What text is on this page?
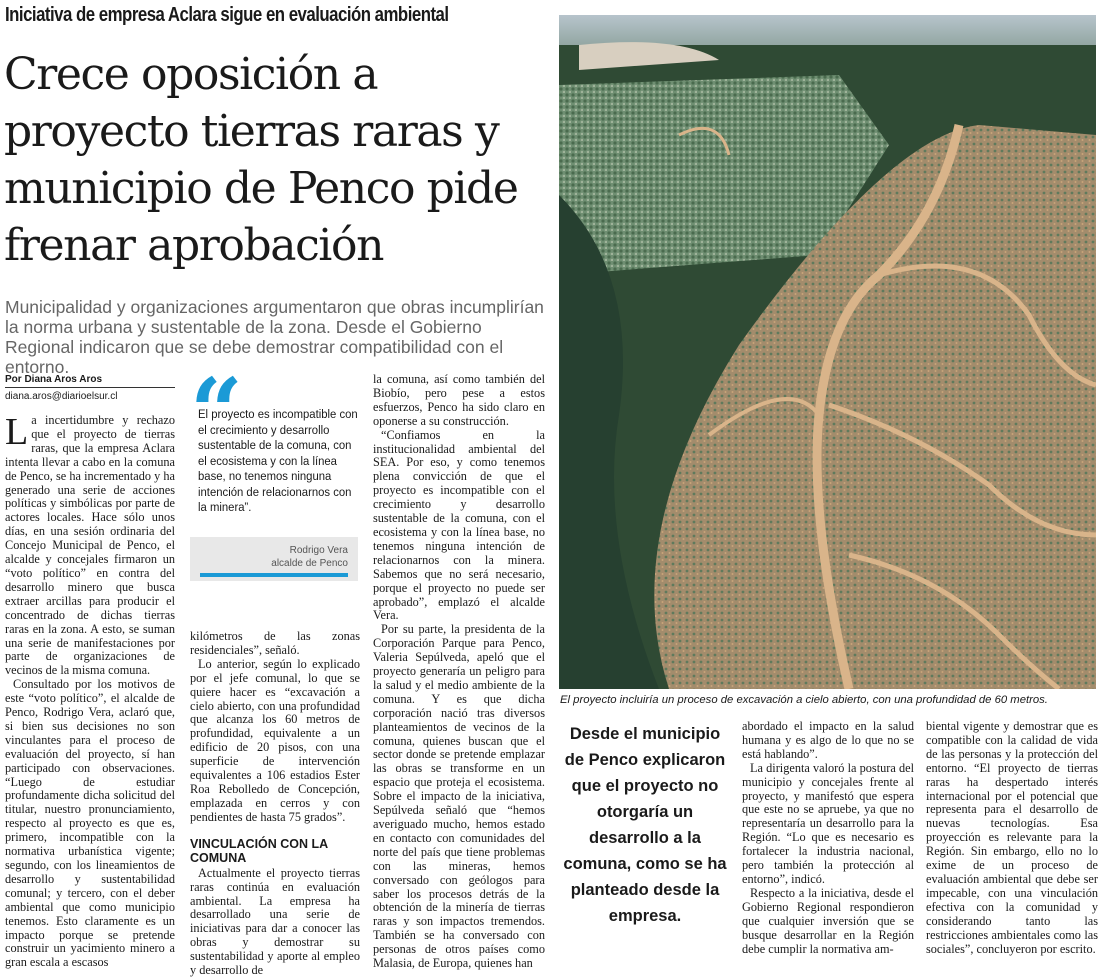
Iniciativa de empresa Aclara sigue en evaluación ambiental
Crece oposición a proyecto tierras raras y municipio de Penco pide frenar aprobación
Municipalidad y organizaciones argumentaron que obras incumplirían la norma urbana y sustentable de la zona. Desde el Gobierno Regional indicaron que se debe demostrar compatibilidad con el entorno.
Por Diana Aros Aros
diana.aros@diarioelsur.cl

La incertidumbre y rechazo que el proyecto de tierras raras, que la empresa Aclara intenta llevar a cabo en la comuna de Penco, se ha incrementado y ha generado una serie de acciones políticas y simbólicas por parte de actores locales. Hace sólo unos días, en una sesión ordinaria del Concejo Municipal de Penco, el alcalde y concejales firmaron un “voto político” en contra del desarrollo minero que busca extraer arcillas para producir el concentrado de dichas tierras raras en la zona. A esto, se suman una serie de manifestaciones por parte de organizaciones de vecinos de la misma comuna.

Consultado por los motivos de este “voto político”, el alcalde de Penco, Rodrigo Vera, aclaró que, si bien sus decisiones no son vinculantes para el proceso de evaluación del proyecto, sí han participado con observaciones. “Luego de estudiar profundamente dicha solicitud del titular, nuestro pronunciamiento, respecto al proyecto es que es, primero, incompatible con la normativa urbanística vigente; segundo, con los lineamientos de desarrollo y sustentabilidad comunal; y tercero, con el deber ambiental que como municipio tenemos. Esto claramente es un impacto porque se pretende construir un yacimiento minero a gran escala a escasos

“
El proyecto es incompatible con el crecimiento y desarrollo sustentable de la comuna, con el ecosistema y con la línea base, no tenemos ninguna intención de relacionarnos con la minera”.
Rodrigo Vera
alcalde de Penco

kilómetros de las zonas residenciales”, señaló.

Lo anterior, según lo explicado por el jefe comunal, lo que se quiere hacer es “excavación a cielo abierto, con una profundidad que alcanza los 60 metros de profundidad, equivalente a un edificio de 20 pisos, con una superficie de intervención equivalentes a 106 estadios Ester Roa Rebolledo de Concepción, emplazada en cerros y con pendientes de hasta 75 grados”.

VINCULACIÓN CON LA COMUNA

Actualmente el proyecto tierras raras continúa en evaluación ambiental. La empresa ha desarrollado una serie de iniciativas para dar a conocer las obras y demostrar su sustentabilidad y aporte al empleo y desarrollo de

la comuna, así como también del Biobío, pero pese a estos esfuerzos, Penco ha sido claro en oponerse a su construcción.

“Confiamos en la institucionalidad ambiental del SEA. Por eso, y como tenemos plena convicción de que el proyecto es incompatible con el crecimiento y desarrollo sustentable de la comuna, con el ecosistema y con la línea base, no tenemos ninguna intención de relacionarnos con la minera. Sabemos que no será necesario, porque el proyecto no puede ser aprobado”, emplazó el alcalde Vera.

Por su parte, la presidenta de la Corporación Parque para Penco, Valeria Sepúlveda, apeló que el proyecto generaría un peligro para la salud y el medio ambiente de la comuna. Y es que dicha corporación nació tras diversos planteamientos de vecinos de la comuna, quienes buscan que el sector donde se pretende emplazar las obras se transforme en un espacio que proteja el ecosistema. Sobre el impacto de la iniciativa, Sepúlveda señaló que “hemos averiguado mucho, hemos estado en contacto con comunidades del norte del país que tiene problemas con las mineras, hemos conversado con geólogos para saber los procesos detrás de la obtención de la minería de tierras raras y son impactos tremendos. También se ha conversado con personas de otros países como Malasia, de Europa, quienes han

El proyecto incluiría un proceso de excavación a cielo abierto, con una profundidad de 60 metros.
Desde el municipio de Penco explicaron que el proyecto no otorgaría un desarrollo a la comuna, como se ha planteado desde la empresa.

abordado el impacto en la salud humana y es algo de lo que no se está hablando”.

La dirigenta valoró la postura del municipio y concejales frente al proyecto, y manifestó que espera que este no se apruebe, ya que no representaría un desarrollo para la Región. “Lo que es necesario es fortalecer la industria nacional, pero también la protección al entorno”, indicó.

Respecto a la iniciativa, desde el Gobierno Regional respondieron que cualquier inversión que se busque desarrollar en la Región debe cumplir la normativa am-

biental vigente y demostrar que es compatible con la calidad de vida de las personas y la protección del entorno. “El proyecto de tierras raras ha despertado interés internacional por el potencial que representa para el desarrollo de nuevas tecnologías. Esa proyección es relevante para la Región. Sin embargo, ello no lo exime de un proceso de evaluación ambiental que debe ser impecable, con una vinculación efectiva con la comunidad y considerando tanto las restricciones ambientales como las sociales”, concluyeron por escrito.
